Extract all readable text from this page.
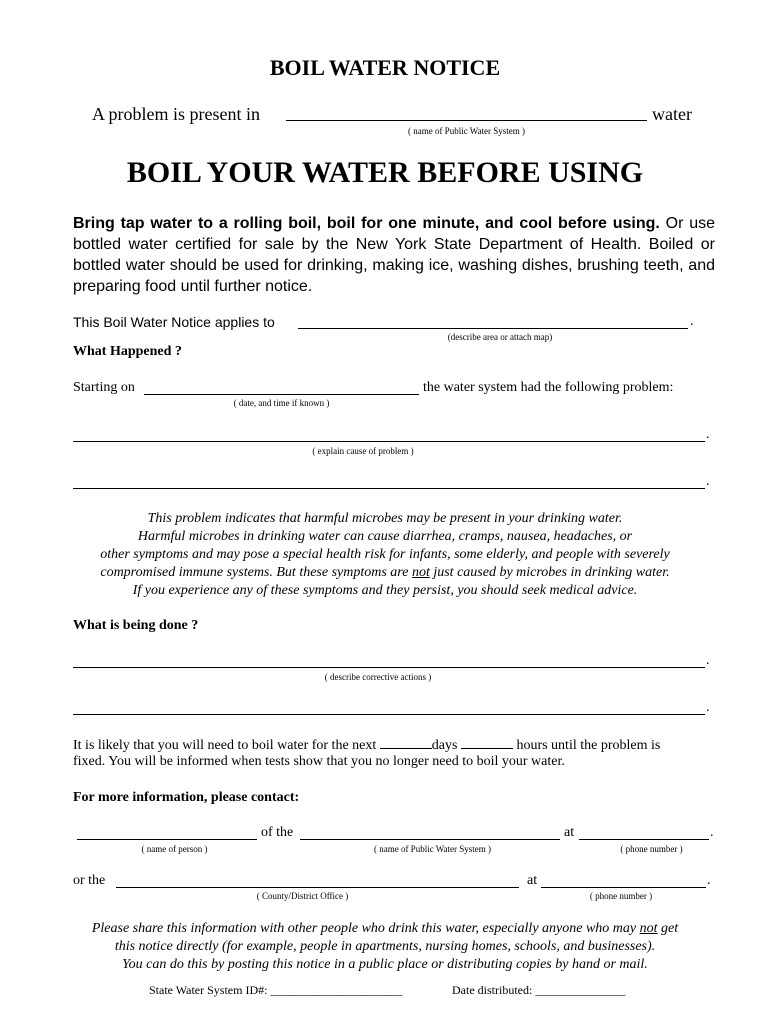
BOIL WATER NOTICE
A problem is present in	water
( name of Public Water System )
BOIL YOUR WATER BEFORE USING
Bring tap water to a rolling boil, boil for one minute, and cool before using. Or use bottled water certified for sale by the New York State Department of Health. Boiled or bottled water should be used for drinking, making ice, washing dishes, brushing teeth, and preparing food until further notice.
This Boil Water Notice applies to	.
(describe area or attach map)
What Happened ?
Starting on	the water system had the following problem:
( date, and time if known )
.
( explain cause of problem )
.
This problem indicates that harmful microbes may be present in your drinking water.
Harmful microbes in drinking water can cause diarrhea, cramps, nausea, headaches, or
other symptoms and may pose a special health risk for infants, some elderly, and people with severely
compromised immune systems. But these symptoms are not just caused by microbes in drinking water.
If you experience any of these symptoms and they persist, you should seek medical advice.
What is being done ?
.
( describe corrective actions )
.
It is likely that you will need to boil water for the next	days	hours until the problem is
fixed. You will be informed when tests show that you no longer need to boil your water.
For more information, please contact:
of the	at	.
( name of person )	( name of Public Water System )	( phone number )
or the	at	.
( County/District Office )	( phone number )
Please share this information with other people who drink this water, especially anyone who may not get
this notice directly (for example, people in apartments, nursing homes, schools, and businesses).
You can do this by posting this notice in a public place or distributing copies by hand or mail.
State Water System ID#: ______________________	Date distributed: _______________
